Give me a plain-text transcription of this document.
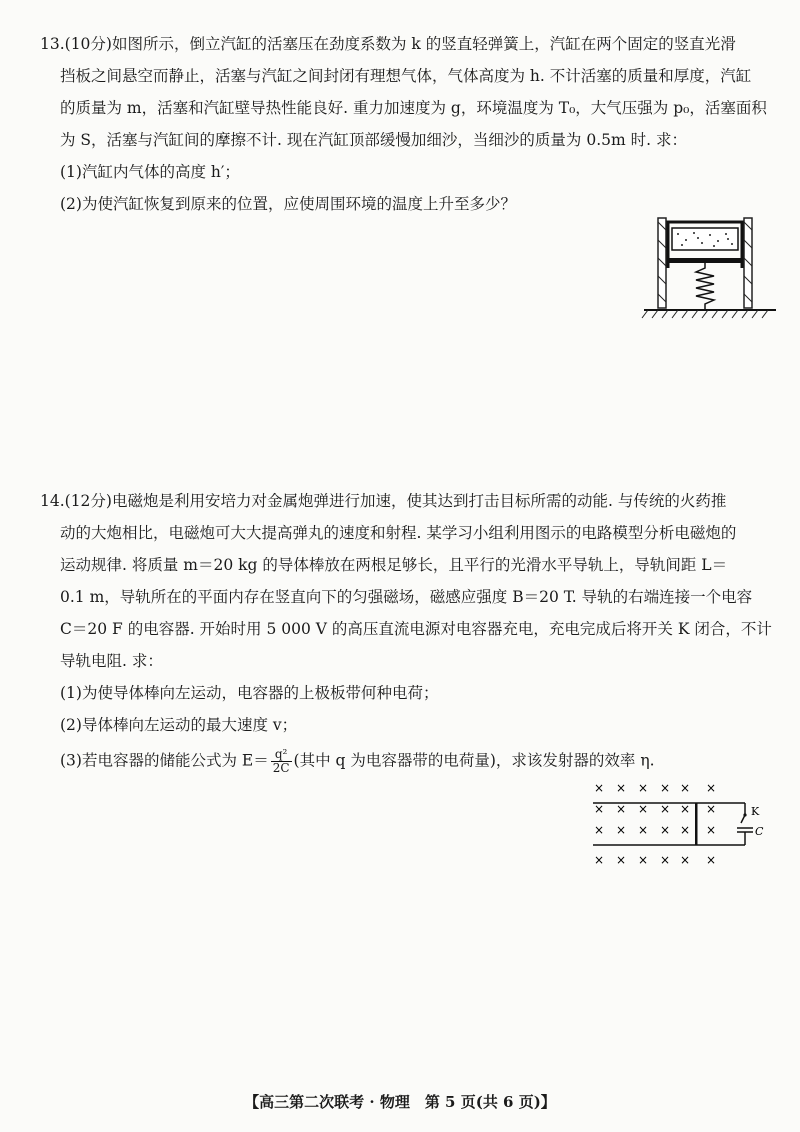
13.(10分)如图所示，倒立汽缸的活塞压在劲度系数为 k 的竖直轻弹簧上，汽缸在两个固定的竖直光滑
挡板之间悬空而静止，活塞与汽缸之间封闭有理想气体，气体高度为 h. 不计活塞的质量和厚度，汽缸
的质量为 m，活塞和汽缸壁导热性能良好. 重力加速度为 g，环境温度为 T₀，大气压强为 p₀，活塞面积
为 S，活塞与汽缸间的摩擦不计. 现在汽缸顶部缓慢加细沙，当细沙的质量为 0.5m 时. 求：
(1)汽缸内气体的高度 h′；
(2)为使汽缸恢复到原来的位置，应使周围环境的温度上升至多少？
14.(12分)电磁炮是利用安培力对金属炮弹进行加速，使其达到打击目标所需的动能. 与传统的火药推
动的大炮相比，电磁炮可大大提高弹丸的速度和射程. 某学习小组利用图示的电路模型分析电磁炮的
运动规律. 将质量 m＝20 kg 的导体棒放在两根足够长，且平行的光滑水平导轨上，导轨间距 L＝
0.1 m，导轨所在的平面内存在竖直向下的匀强磁场，磁感应强度 B＝20 T. 导轨的右端连接一个电容
C＝20 F 的电容器. 开始时用 5 000 V 的高压直流电源对电容器充电，充电完成后将开关 K 闭合，不计
导轨电阻. 求：
(1)为使导体棒向左运动，电容器的上极板带何种电荷；
(2)导体棒向左运动的最大速度 v；
(3)若电容器的储能公式为 $E= \frac{\text{q²}}{2C}$ (其中 q 为电容器带的电荷量)，求该发射器的效率 η.
K
C
× × × × × ×
× × × × × ×
× × × × × ×
× × × × × ×
【高三第二次联考 · 物理　第 5 页(共 6 页)】
